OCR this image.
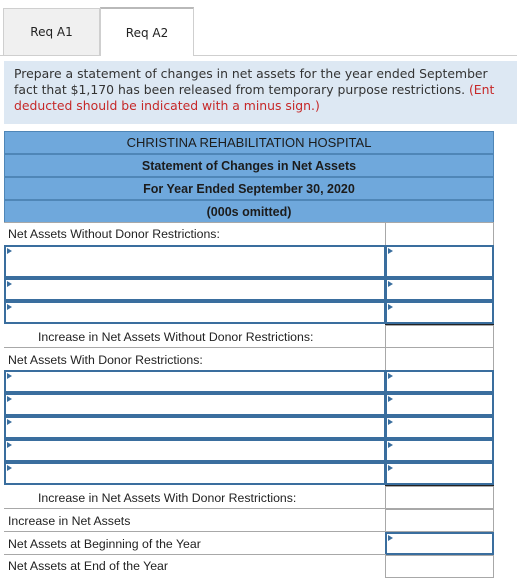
Req A1	Req A2
Prepare a statement of changes in net assets for the year ended September
fact that $1,170 has been released from temporary purpose restrictions. (Ent
deducted should be indicated with a minus sign.)
CHRISTINA REHABILITATION HOSPITAL
Statement of Changes in Net Assets
For Year Ended September 30, 2020
(000s omitted)
Net Assets Without Donor Restrictions:
Increase in Net Assets Without Donor Restrictions:
Net Assets With Donor Restrictions:
Increase in Net Assets With Donor Restrictions:
Increase in Net Assets
Net Assets at Beginning of the Year
Net Assets at End of the Year
